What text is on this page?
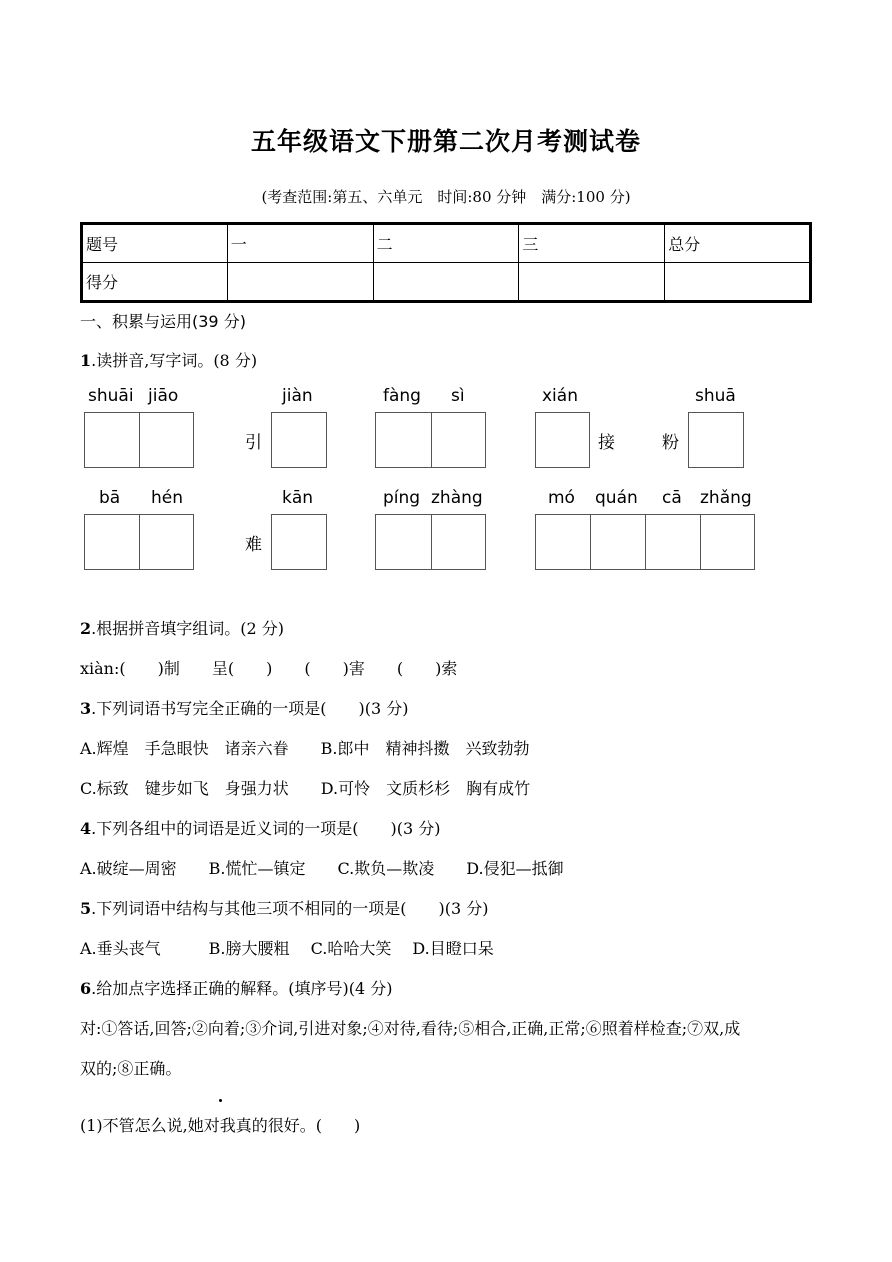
五年级语文下册第二次月考测试卷
(考查范围:第五、六单元　时间:80 分钟　满分:100 分)
题号	一	二	三	总分
得分				
一、积累与运用(39 分)
1.读拼音,写字词。(8 分)
shuāi jiāo	jiàn	fàng sì	xián	shuā
引	接	粉
bā hén	kān	píng zhàng	mó quán cā zhǎng
难
2.根据拼音填字组词。(2 分)
xiàn:(　　)制　　呈(　　)　　(　　)害　　(　　)索
3.下列词语书写完全正确的一项是(　　)(3 分)
A.辉煌　手急眼快　诸亲六眷　　B.郎中　精神抖擞　兴致勃勃
C.标致　键步如飞　身强力状　　D.可怜　文质杉杉　胸有成竹
4.下列各组中的词语是近义词的一项是(　　)(3 分)
A.破绽—周密　　B.慌忙—镇定　　C.欺负—欺凌　　D.侵犯—抵御
5.下列词语中结构与其他三项不相同的一项是(　　)(3 分)
A.垂头丧气　　　B.膀大腰粗　 C.哈哈大笑　 D.目瞪口呆
6.给加点字选择正确的解释。(填序号)(4 分)
对:①答话,回答;②向着;③介词,引进对象;④对待,看待;⑤相合,正确,正常;⑥照着样检查;⑦双,成
双的;⑧正确。
(1)不管怎么说,她对我真的很好。(　　)
